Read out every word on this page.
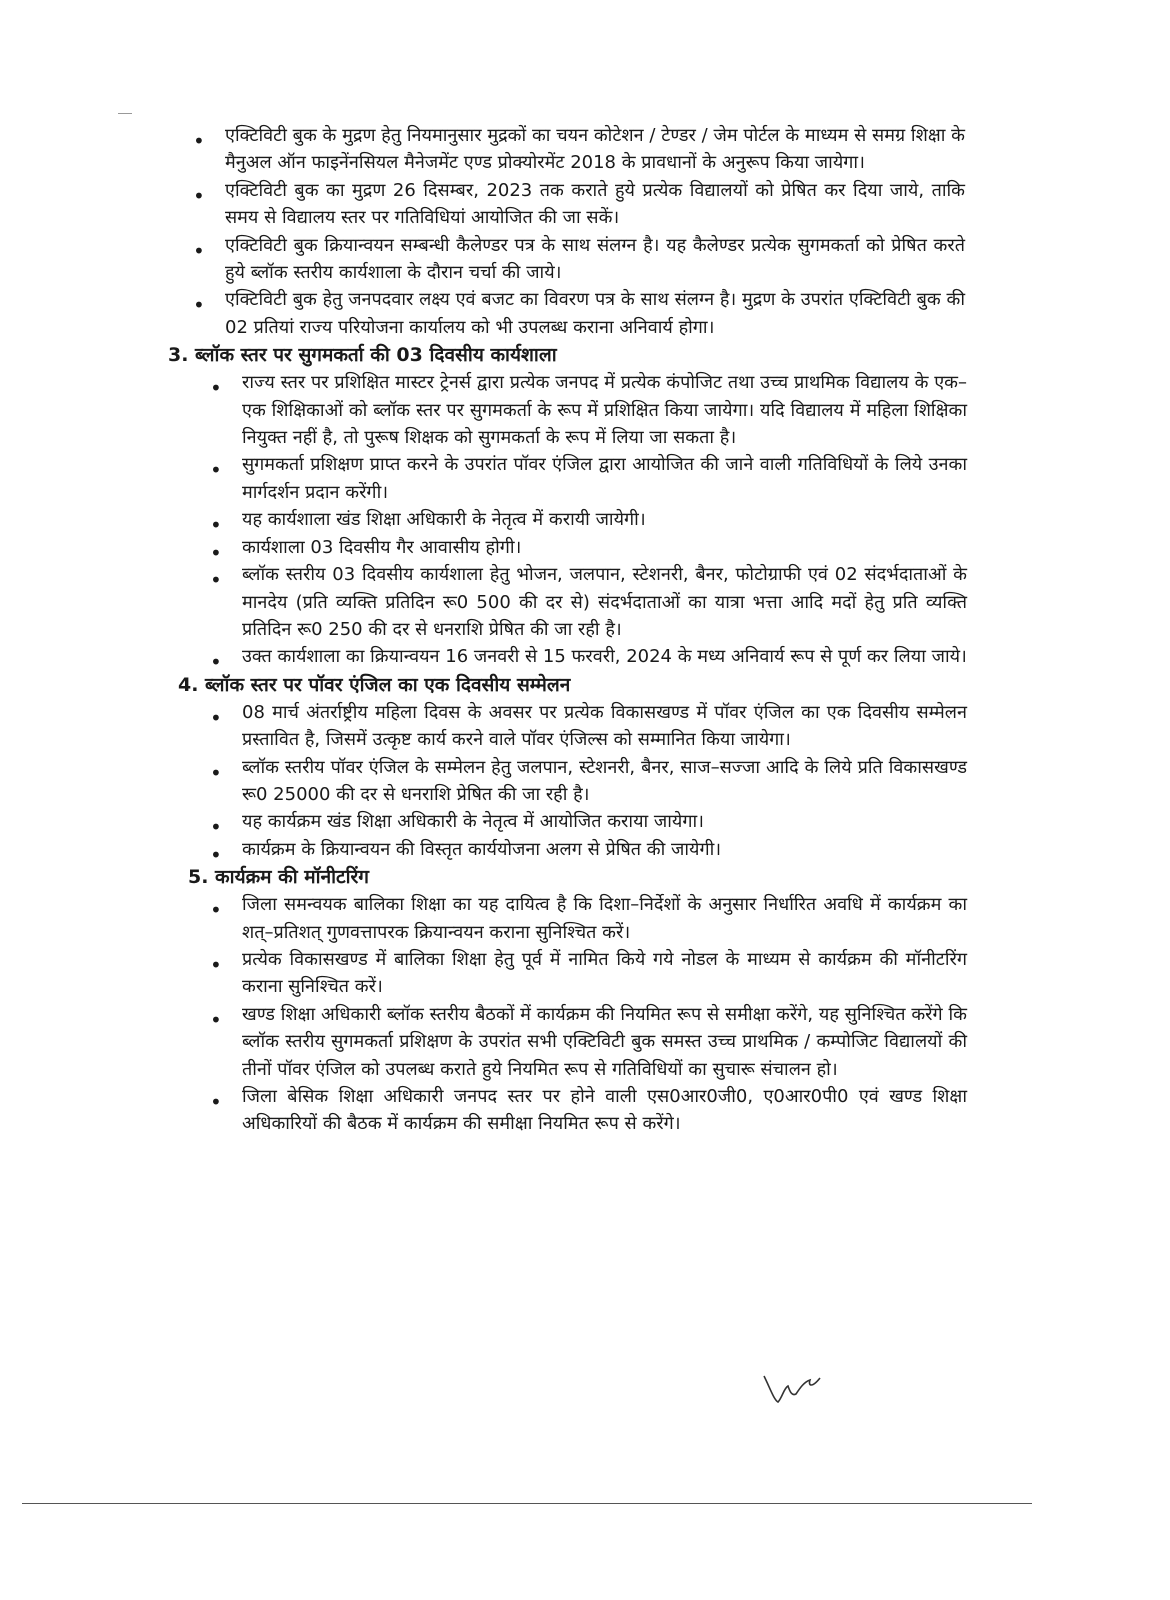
• एक्टिविटी बुक के मुद्रण हेतु नियमानुसार मुद्रकों का चयन कोटेशन / टेण्डर / जेम पोर्टल के माध्यम से समग्र शिक्षा के मैनुअल ऑन फाइनेंनसियल मैनेजमेंट एण्ड प्रोक्योरमेंट 2018 के प्रावधानों के अनुरूप किया जायेगा।
• एक्टिविटी बुक का मुद्रण 26 दिसम्बर, 2023 तक कराते हुये प्रत्येक विद्यालयों को प्रेषित कर दिया जाये, ताकि समय से विद्यालय स्तर पर गतिविधियां आयोजित की जा सकें।
• एक्टिविटी बुक क्रियान्वयन सम्बन्धी कैलेण्डर पत्र के साथ संलग्न है। यह कैलेण्डर प्रत्येक सुगमकर्ता को प्रेषित करते हुये ब्लॉक स्तरीय कार्यशाला के दौरान चर्चा की जाये।
• एक्टिविटी बुक हेतु जनपदवार लक्ष्य एवं बजट का विवरण पत्र के साथ संलग्न है। मुद्रण के उपरांत एक्टिविटी बुक की 02 प्रतियां राज्य परियोजना कार्यालय को भी उपलब्ध कराना अनिवार्य होगा।
3. ब्लॉक स्तर पर सुगमकर्ता की 03 दिवसीय कार्यशाला
• राज्य स्तर पर प्रशिक्षित मास्टर ट्रेनर्स द्वारा प्रत्येक जनपद में प्रत्येक कंपोजिट तथा उच्च प्राथमिक विद्यालय के एक–एक शिक्षिकाओं को ब्लॉक स्तर पर सुगमकर्ता के रूप में प्रशिक्षित किया जायेगा। यदि विद्यालय में महिला शिक्षिका नियुक्त नहीं है, तो पुरूष शिक्षक को सुगमकर्ता के रूप में लिया जा सकता है।
• सुगमकर्ता प्रशिक्षण प्राप्त करने के उपरांत पॉवर एंजिल द्वारा आयोजित की जाने वाली गतिविधियों के लिये उनका मार्गदर्शन प्रदान करेंगी।
• यह कार्यशाला खंड शिक्षा अधिकारी के नेतृत्व में करायी जायेगी।
• कार्यशाला 03 दिवसीय गैर आवासीय होगी।
• ब्लॉक स्तरीय 03 दिवसीय कार्यशाला हेतु भोजन, जलपान, स्टेशनरी, बैनर, फोटोग्राफी एवं 02 संदर्भदाताओं के मानदेय (प्रति व्यक्ति प्रतिदिन रू0 500 की दर से) संदर्भदाताओं का यात्रा भत्ता आदि मदों हेतु प्रति व्यक्ति प्रतिदिन रू0 250 की दर से धनराशि प्रेषित की जा रही है।
• उक्त कार्यशाला का क्रियान्वयन 16 जनवरी से 15 फरवरी, 2024 के मध्य अनिवार्य रूप से पूर्ण कर लिया जाये।
4. ब्लॉक स्तर पर पॉवर एंजिल का एक दिवसीय सम्मेलन
• 08 मार्च अंतर्राष्ट्रीय महिला दिवस के अवसर पर प्रत्येक विकासखण्ड में पॉवर एंजिल का एक दिवसीय सम्मेलन प्रस्तावित है, जिसमें उत्कृष्ट कार्य करने वाले पॉवर एंजिल्स को सम्मानित किया जायेगा।
• ब्लॉक स्तरीय पॉवर एंजिल के सम्मेलन हेतु जलपान, स्टेशनरी, बैनर, साज–सज्जा आदि के लिये प्रति विकासखण्ड रू0 25000 की दर से धनराशि प्रेषित की जा रही है।
• यह कार्यक्रम खंड शिक्षा अधिकारी के नेतृत्व में आयोजित कराया जायेगा।
• कार्यक्रम के क्रियान्वयन की विस्तृत कार्ययोजना अलग से प्रेषित की जायेगी।
5. कार्यक्रम की मॉनीटरिंग
• जिला समन्वयक बालिका शिक्षा का यह दायित्व है कि दिशा–निर्देशों के अनुसार निर्धारित अवधि में कार्यक्रम का शत्–प्रतिशत् गुणवत्तापरक क्रियान्वयन कराना सुनिश्चित करें।
• प्रत्येक विकासखण्ड में बालिका शिक्षा हेतु पूर्व में नामित किये गये नोडल के माध्यम से कार्यक्रम की मॉनीटरिंग कराना सुनिश्चित करें।
• खण्ड शिक्षा अधिकारी ब्लॉक स्तरीय बैठकों में कार्यक्रम की नियमित रूप से समीक्षा करेंगे, यह सुनिश्चित करेंगे कि ब्लॉक स्तरीय सुगमकर्ता प्रशिक्षण के उपरांत सभी एक्टिविटी बुक समस्त उच्च प्राथमिक / कम्पोजिट विद्यालयों की तीनों पॉवर एंजिल को उपलब्ध कराते हुये नियमित रूप से गतिविधियों का सुचारू संचालन हो।
• जिला बेसिक शिक्षा अधिकारी जनपद स्तर पर होने वाली एस0आर0जी0, ए0आर0पी0 एवं खण्ड शिक्षा अधिकारियों की बैठक में कार्यक्रम की समीक्षा नियमित रूप से करेंगे।
